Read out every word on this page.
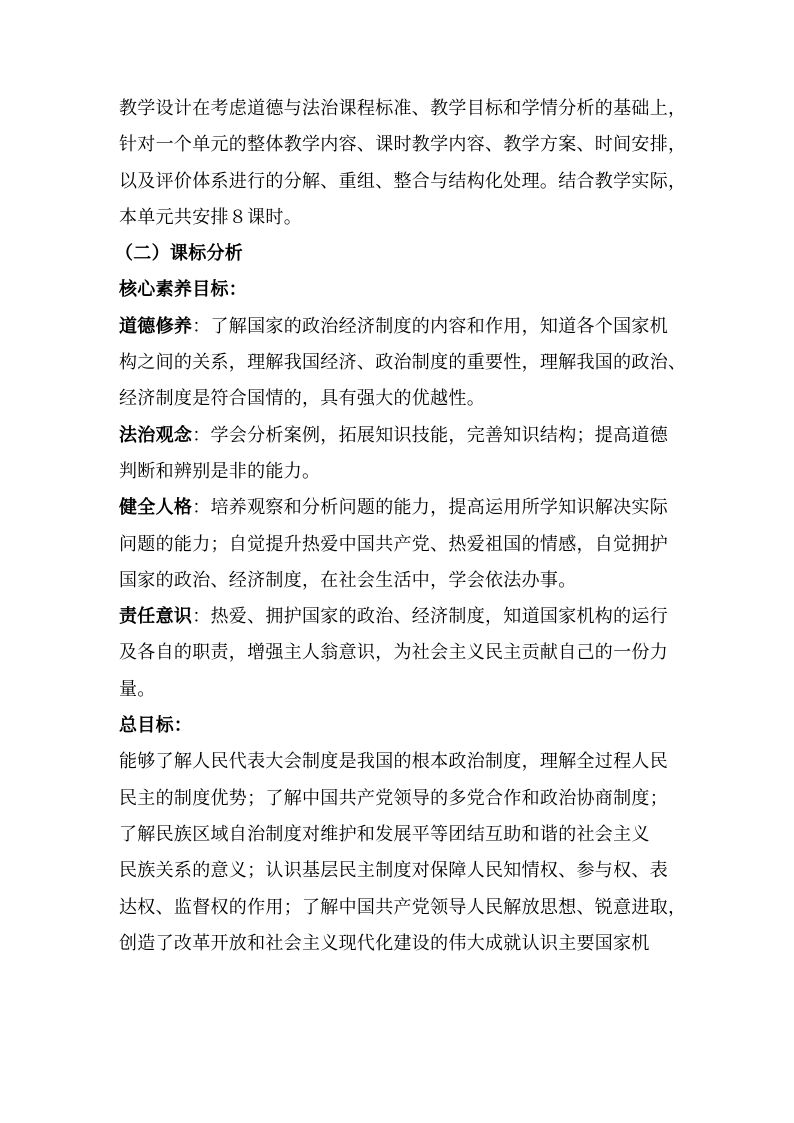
教学设计在考虑道德与法治课程标准、教学目标和学情分析的基础上，
针对一个单元的整体教学内容、课时教学内容、教学方案、时间安排，
以及评价体系进行的分解、重组、整合与结构化处理。结合教学实际，
本单元共安排８课时。
（二）课标分析
核心素养目标：
道德修养：了解国家的政治经济制度的内容和作用，知道各个国家机
构之间的关系，理解我国经济、政治制度的重要性，理解我国的政治、
经济制度是符合国情的，具有强大的优越性。
法治观念：学会分析案例，拓展知识技能，完善知识结构；提高道德
判断和辨别是非的能力。
健全人格：培养观察和分析问题的能力，提高运用所学知识解决实际
问题的能力；自觉提升热爱中国共产党、热爱祖国的情感，自觉拥护
国家的政治、经济制度，在社会生活中，学会依法办事。
责任意识：热爱、拥护国家的政治、经济制度，知道国家机构的运行
及各自的职责，增强主人翁意识，为社会主义民主贡献自己的一份力
量。
总目标：
能够了解人民代表大会制度是我国的根本政治制度，理解全过程人民
民主的制度优势；了解中国共产党领导的多党合作和政治协商制度；
了解民族区域自治制度对维护和发展平等团结互助和谐的社会主义
民族关系的意义；认识基层民主制度对保障人民知情权、参与权、表
达权、监督权的作用；了解中国共产党领导人民解放思想、锐意进取，
创造了改革开放和社会主义现代化建设的伟大成就认识主要国家机
